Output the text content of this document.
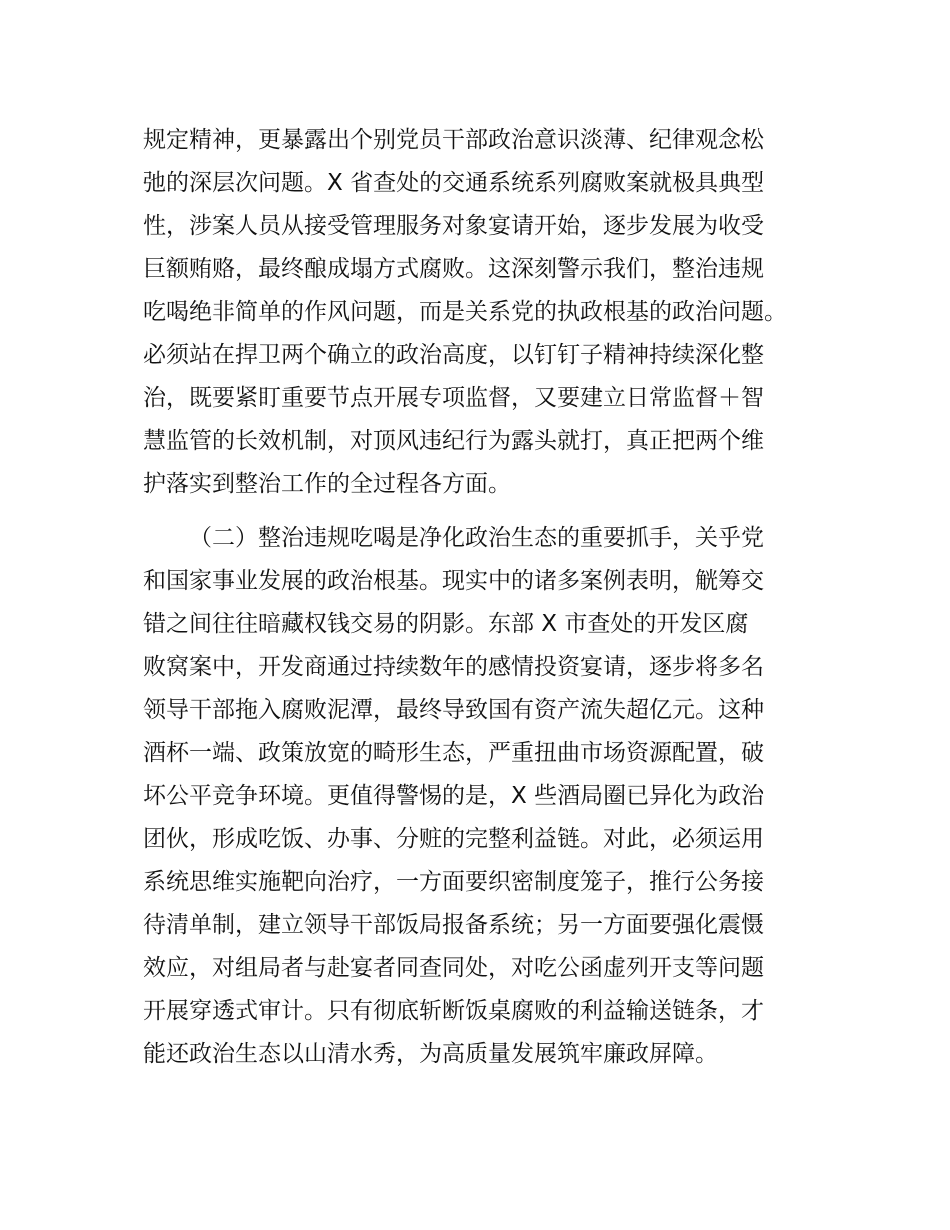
规定精神，更暴露出个别党员干部政治意识淡薄、纪律观念松
弛的深层次问题。X 省查处的交通系统系列腐败案就极具典型
性，涉案人员从接受管理服务对象宴请开始，逐步发展为收受
巨额贿赂，最终酿成塌方式腐败。这深刻警示我们，整治违规
吃喝绝非简单的作风问题，而是关系党的执政根基的政治问题。
必须站在捍卫两个确立的政治高度，以钉钉子精神持续深化整
治，既要紧盯重要节点开展专项监督，又要建立日常监督＋智
慧监管的长效机制，对顶风违纪行为露头就打，真正把两个维
护落实到整治工作的全过程各方面。
（二）整治违规吃喝是净化政治生态的重要抓手，关乎党
和国家事业发展的政治根基。现实中的诸多案例表明，觥筹交
错之间往往暗藏权钱交易的阴影。东部 X 市查处的开发区腐
败窝案中，开发商通过持续数年的感情投资宴请，逐步将多名
领导干部拖入腐败泥潭，最终导致国有资产流失超亿元。这种
酒杯一端、政策放宽的畸形生态，严重扭曲市场资源配置，破
坏公平竞争环境。更值得警惕的是，X 些酒局圈已异化为政治
团伙，形成吃饭、办事、分赃的完整利益链。对此，必须运用
系统思维实施靶向治疗，一方面要织密制度笼子，推行公务接
待清单制，建立领导干部饭局报备系统；另一方面要强化震慑
效应，对组局者与赴宴者同查同处，对吃公函虚列开支等问题
开展穿透式审计。只有彻底斩断饭桌腐败的利益输送链条，才
能还政治生态以山清水秀，为高质量发展筑牢廉政屏障。
